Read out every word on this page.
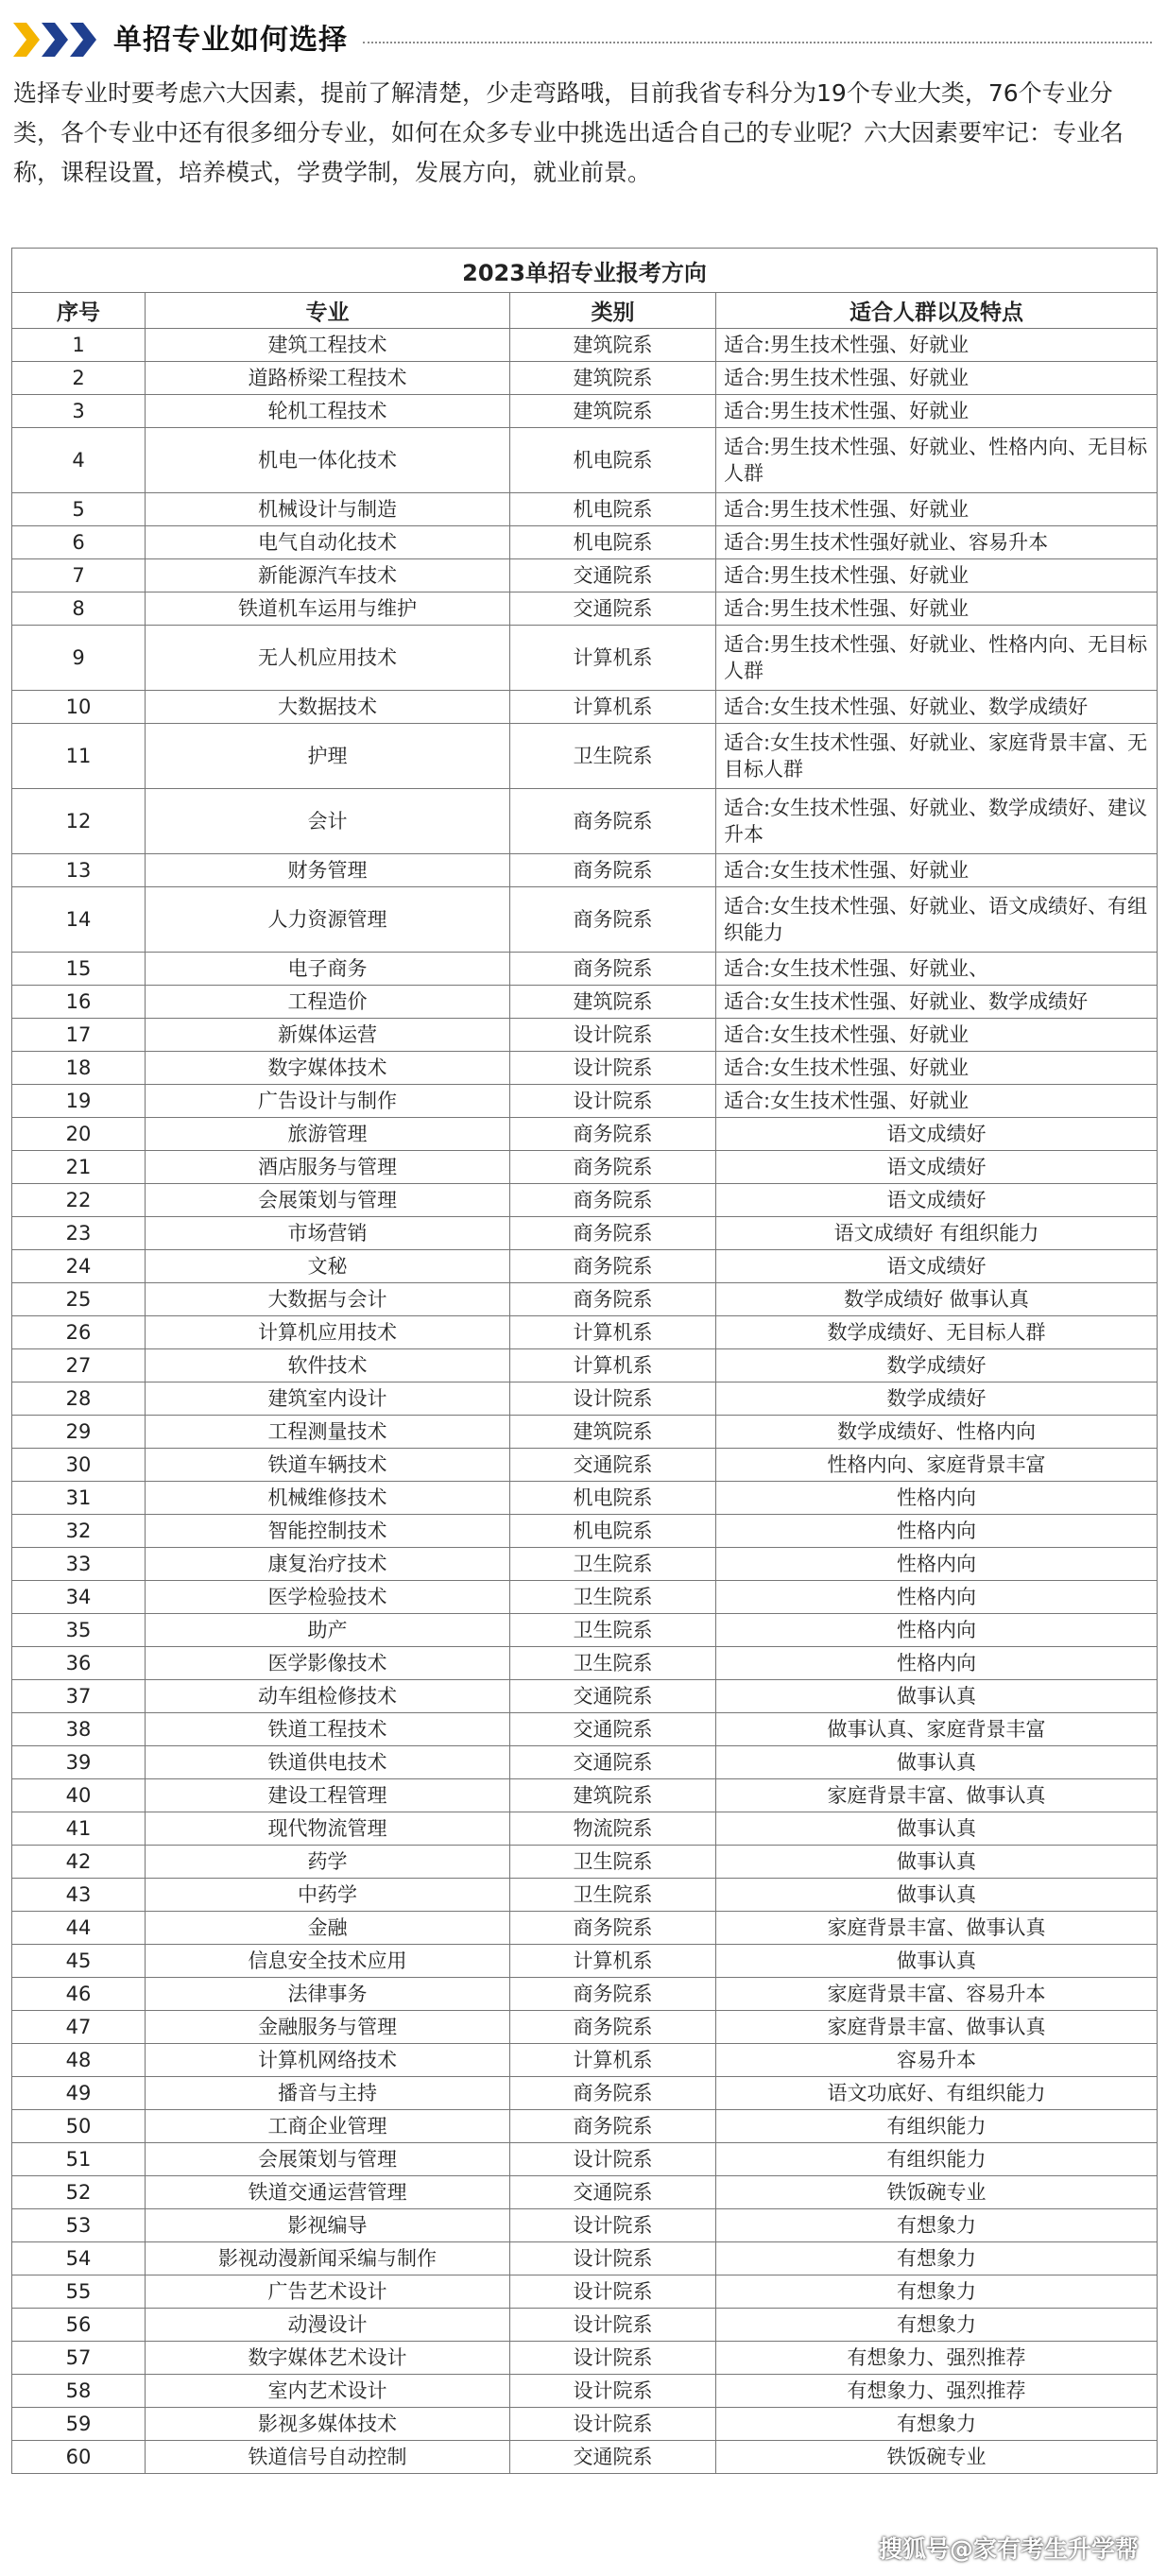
单招专业如何选择

选择专业时要考虑六大因素，提前了解清楚，少走弯路哦，目前我省专科分为19个专业大类，76个专业分类，各个专业中还有很多细分专业，如何在众多专业中挑选出适合自己的专业呢？六大因素要牢记：专业名称，课程设置，培养模式，学费学制，发展方向，就业前景。

2023单招专业报考方向			
序号	专业	类别	适合人群以及特点
1	建筑工程技术	建筑院系	适合:男生技术性强、好就业
2	道路桥梁工程技术	建筑院系	适合:男生技术性强、好就业
3	轮机工程技术	建筑院系	适合:男生技术性强、好就业
4	机电一体化技术	机电院系	适合:男生技术性强、好就业、性格内向、无目标人群
5	机械设计与制造	机电院系	适合:男生技术性强、好就业
6	电气自动化技术	机电院系	适合:男生技术性强好就业、容易升本
7	新能源汽车技术	交通院系	适合:男生技术性强、好就业
8	铁道机车运用与维护	交通院系	适合:男生技术性强、好就业
9	无人机应用技术	计算机系	适合:男生技术性强、好就业、性格内向、无目标人群
10	大数据技术	计算机系	适合:女生技术性强、好就业、数学成绩好
11	护理	卫生院系	适合:女生技术性强、好就业、家庭背景丰富、无目标人群
12	会计	商务院系	适合:女生技术性强、好就业、数学成绩好、建议升本
13	财务管理	商务院系	适合:女生技术性强、好就业
14	人力资源管理	商务院系	适合:女生技术性强、好就业、语文成绩好、有组织能力
15	电子商务	商务院系	适合:女生技术性强、好就业、
16	工程造价	建筑院系	适合:女生技术性强、好就业、数学成绩好
17	新媒体运营	设计院系	适合:女生技术性强、好就业
18	数字媒体技术	设计院系	适合:女生技术性强、好就业
19	广告设计与制作	设计院系	适合:女生技术性强、好就业
20	旅游管理	商务院系	语文成绩好
21	酒店服务与管理	商务院系	语文成绩好
22	会展策划与管理	商务院系	语文成绩好
23	市场营销	商务院系	语文成绩好 有组织能力
24	文秘	商务院系	语文成绩好
25	大数据与会计	商务院系	数学成绩好 做事认真
26	计算机应用技术	计算机系	数学成绩好、无目标人群
27	软件技术	计算机系	数学成绩好
28	建筑室内设计	设计院系	数学成绩好
29	工程测量技术	建筑院系	数学成绩好、性格内向
30	铁道车辆技术	交通院系	性格内向、家庭背景丰富
31	机械维修技术	机电院系	性格内向
32	智能控制技术	机电院系	性格内向
33	康复治疗技术	卫生院系	性格内向
34	医学检验技术	卫生院系	性格内向
35	助产	卫生院系	性格内向
36	医学影像技术	卫生院系	性格内向
37	动车组检修技术	交通院系	做事认真
38	铁道工程技术	交通院系	做事认真、家庭背景丰富
39	铁道供电技术	交通院系	做事认真
40	建设工程管理	建筑院系	家庭背景丰富、做事认真
41	现代物流管理	物流院系	做事认真
42	药学	卫生院系	做事认真
43	中药学	卫生院系	做事认真
44	金融	商务院系	家庭背景丰富、做事认真
45	信息安全技术应用	计算机系	做事认真
46	法律事务	商务院系	家庭背景丰富、容易升本
47	金融服务与管理	商务院系	家庭背景丰富、做事认真
48	计算机网络技术	计算机系	容易升本
49	播音与主持	商务院系	语文功底好、有组织能力
50	工商企业管理	商务院系	有组织能力
51	会展策划与管理	设计院系	有组织能力
52	铁道交通运营管理	交通院系	铁饭碗专业
53	影视编导	设计院系	有想象力
54	影视动漫新闻采编与制作	设计院系	有想象力
55	广告艺术设计	设计院系	有想象力
56	动漫设计	设计院系	有想象力
57	数字媒体艺术设计	设计院系	有想象力、强烈推荐
58	室内艺术设计	设计院系	有想象力、强烈推荐
59	影视多媒体技术	设计院系	有想象力
60	铁道信号自动控制	交通院系	铁饭碗专业
搜狐号@家有考生升学帮
